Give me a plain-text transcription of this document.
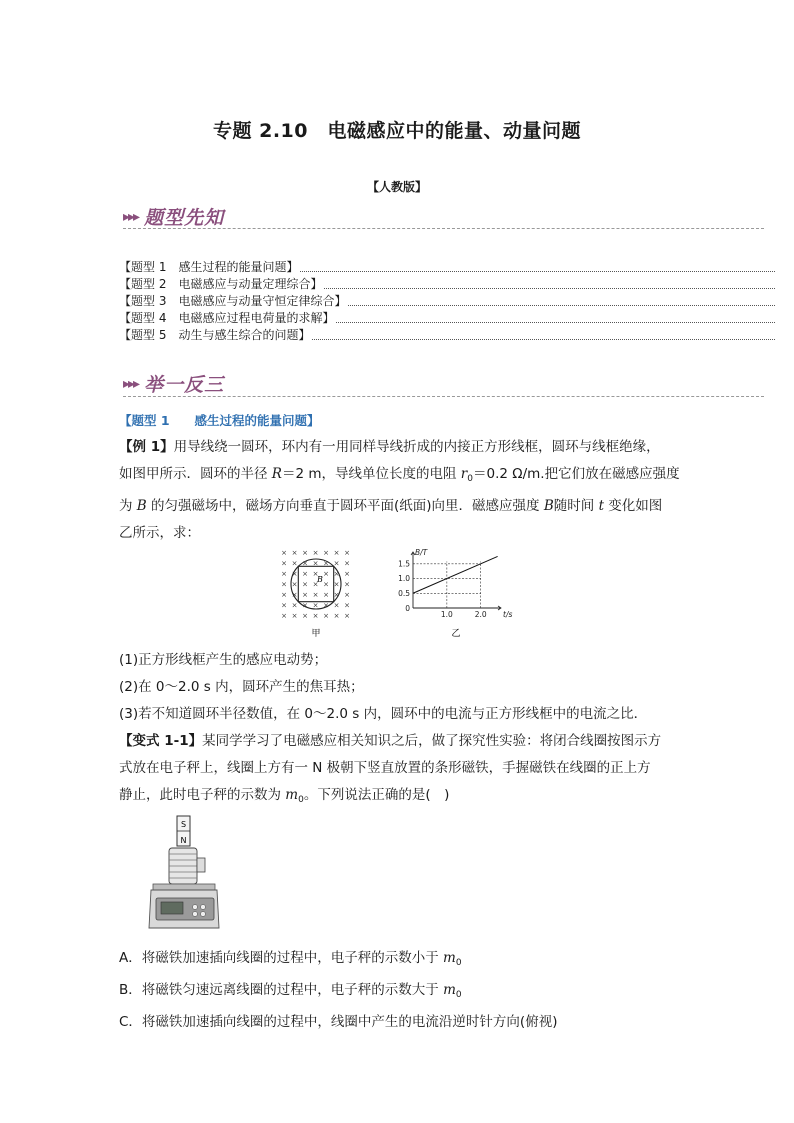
专题 2.10　电磁感应中的能量、动量问题
【人教版】
▸▸▸ 题型先知
【题型 1　感生过程的能量问题】
【题型 2　电磁感应与动量定理综合】
【题型 3　电磁感应与动量守恒定律综合】
【题型 4　电磁感应过程电荷量的求解】
【题型 5　动生与感生综合的问题】
▸▸▸ 举一反三
【题型 1　　感生过程的能量问题】
【例 1】用导线绕一圆环，环内有一用同样导线折成的内接正方形线框，圆环与线框绝缘，
如图甲所示．圆环的半径 R＝2 m，导线单位长度的电阻 $r_0=0.2$ Ω/m.把它们放在磁感应强度
为 B 的匀强磁场中，磁场方向垂直于圆环平面(纸面)向里．磁感应强度 B随时间 t 变化如图
乙所示，求：
× × × × × × ×
× × × × × × ×
× × × × × × ×
× × × × × × ×
× × × × × × ×
× × × × × × ×
× × × × × × ×
B
甲
B/T
t/s
0
0.5
1.0
1.5
1.0	2.0
乙
(1)正方形线框产生的感应电动势；
(2)在 0～2.0 s 内，圆环产生的焦耳热；
(3)若不知道圆环半径数值，在 0～2.0 s 内，圆环中的电流与正方形线框中的电流之比．
【变式 1-1】某同学学习了电磁感应相关知识之后，做了探究性实验：将闭合线圈按图示方
式放在电子秤上，线圈上方有一 N 极朝下竖直放置的条形磁铁，手握磁铁在线圈的正上方
静止，此时电子秤的示数为 $m_0$。下列说法正确的是(　)
S
N
A．将磁铁加速插向线圈的过程中，电子秤的示数小于 $m_0$
B．将磁铁匀速远离线圈的过程中，电子秤的示数大于 $m_0$
C．将磁铁加速插向线圈的过程中，线圈中产生的电流沿逆时针方向(俯视)
